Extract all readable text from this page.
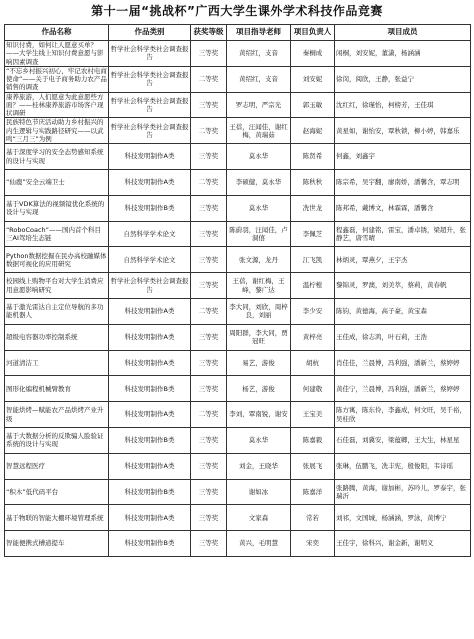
第十一届“挑战杯”广西大学生课外学术科技作品竞赛
作品名称	作品类别	获奖等级	项目指导老师	项目负责人	项目成员
知识付费，如何让人愿意买单？——大学生线上知识付费意愿与影响因素调查	哲学社会科学类社会调查报告	三等奖	黄绍红，支音	秦桐成	闲桐，刘安妮，董潇，杨涵涵
“不忘乡村振兴初心，牢记农村电商使命”——关于电子商务助力农产品销售的调查	哲学社会科学类社会调查报告	二等奖	黄绍红，支音	刘安妮	徐闵，阅欣，王静，张益宁
康养旅游，人们愿意为此意愿些方面？——桂林康养旅游市场客户现状调研	哲学社会科学类社会调查报告	三等奖	罗志明，严宗光	郭玉敏	沈红红，徐瑾怡，柯榜芳，王佳琪
民族特色节庆活动助力乡村振兴的内生逻辑与实践路径研究——以武鸣“三月三”为例	哲学社会科学类社会调查报告	二等奖	王蓓，汪闻佳，谢红梅，黄瑞茹	赵海妮	黄星如，谢怡安，覃秋锁，柳小婷，韩嘉乐
基于深度学习的安全态势感知系统的设计与实现	科技发明制作A类	三等奖	莫永华	陈贤希	何鑫，刘鑫宇
“仙鹿”安全云端卫士	科技发明制作A类	二等奖	李硕健，莫永华	陈秋秋	陈宗希，吴宇翻，廖南娇，潘馨含，覃志明
基于VDK算法的视频镜优化系统的设计与实现	科技发明制作B类	三等奖	莫永华	冼世龙	陈邦希，戴博文，林霖霖，潘馨含
“RoboCoach”——国内首个科目三AI驾培生态链	自然科学学术论文	三等奖	陈蔚羽，汪闻佳，卢洞僖	李佩芝	程鑫磊，何建铭，雷宝，潘卓锈，梁超升，张静艺，唐雪晴
Python数据挖掘在民办高校融媒体数据可视化的应用研究	自然科学学术论文	三等奖	张文源，龙丹	江飞凯	林炳灵，覃燕夕，王宇杰
校园线上购物平台对大学生消费应用意愿影响研究	哲学社会科学类社会调查报告	三等奖	王蓓，谢红梅，王峰，黎广达	温柠樘	黎锦灵，罗澳，刘美萃，蔡莉，黄春帆
基于激光雷达自主定位导航的多功能机器人	科技发明制作A类	二等奖	李大同，刘欣，周梓良，刘丽	李少安	陈钧，黄德海，高子豪，黄宝森
超级电容器功率控制系统	科技发明制作A类	三等奖	周阳群，李大同，贾冠旺	黄梓亮	王佳成，徐志鸿，叶石莉，王浩
河道清洁工	科技发明制作A类	三等奖	易艺，游俊	胡杭	肖佳佳，兰晨博，冯利强，潘新兰，蔡婷婷
图形化编程机械臂教育	科技发明制作B类	三等奖	杨艺，游俊	何建敬	黄佳宁，兰晨博，冯利强，潘新兰，蔡婷婷
智能烘烤—赋能农产品烘烤产业升级	科技发明制作A类	二等奖	李刘，覃南锐，谢安	王宝美	陈方寓，陈东伶，李鑫成，何文旺，吴千裕，吴桂欣
基于大数据分析的反欺骗人脸验证系统的设计与实现	科技发明制作B类	三等奖	莫永华	陈嘉毅	石佳磊，刘冀安，梁蕴卿，王大生，林星星
智慧远程医疗	科技发明制作A类	三等奖	刘金，王晓华	张展飞	张琳，伍鹏飞，冼丰宪，殷俊阳，韦诗瑶
“积木”低代码平台	科技发明制作B类	三等奖	谢如冰	陈嘉洋	张路腾，黄海，谢加彬，苏吟儿，罗泰宇，张瑞沂
基于物联的智能大棚环境管理系统	科技发明制作A类	三等奖	文家森	常若	刘祁，文国城，杨涵涵，罗泳，黄博宁
智能便携式槽道提车	科技发明制作B类	三等奖	黄兴，毛明慧	宋奕	王佳宇，徐科兴，谢金新，谢明义
